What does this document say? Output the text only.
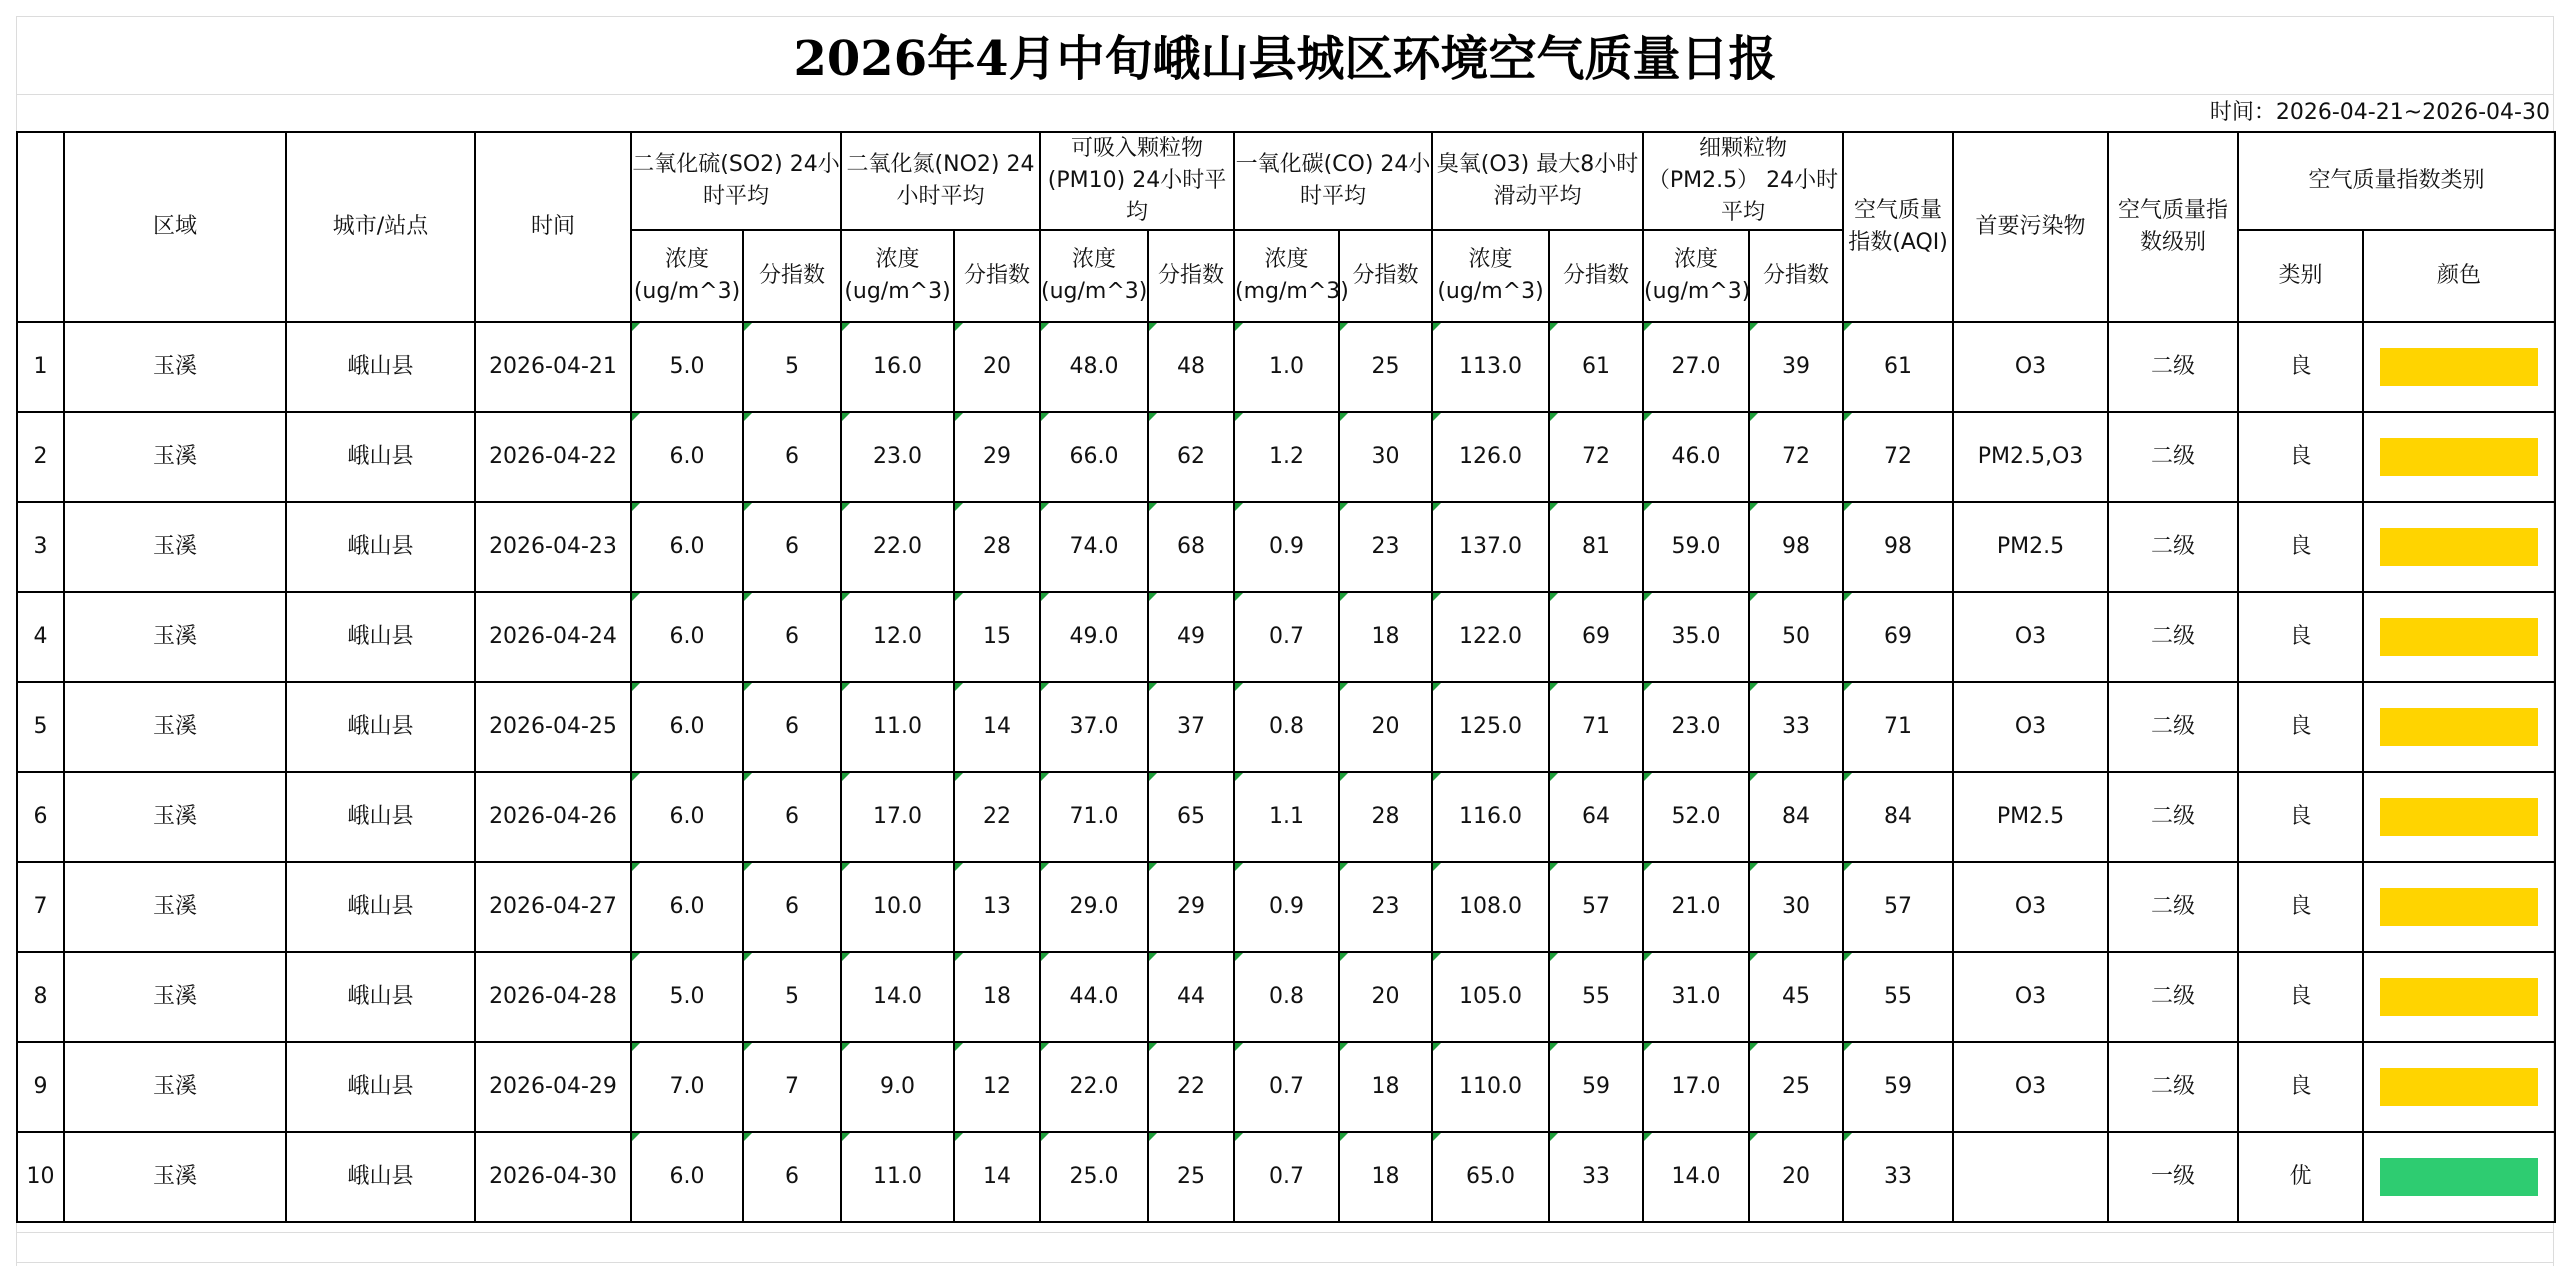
2026年4月中旬峨山县城区环境空气质量日报
时间：2026-04-21~2026-04-30
	区域	城市/站点	时间	二氧化硫(SO2) 24小时平均		二氧化氮(NO2) 24小时平均		可吸入颗粒物(PM10) 24小时平均		一氧化碳(CO) 24小时平均		臭氧(O3) 最大8小时滑动平均		细颗粒物（PM2.5） 24小时平均		空气质量指数(AQI)	首要污染物	空气质量指数级别	空气质量指数类别	
				浓度(ug/m^3)	分指数	浓度(ug/m^3)	分指数	浓度(ug/m^3)	分指数	浓度(mg/m^3)	分指数	浓度(ug/m^3)	分指数	浓度(ug/m^3)	分指数				类别	颜色
1	玉溪	峨山县	2026-04-21	5.0	5	16.0	20	48.0	48	1.0	25	113.0	61	27.0	39	61	O3	二级	良	
2	玉溪	峨山县	2026-04-22	6.0	6	23.0	29	66.0	62	1.2	30	126.0	72	46.0	72	72	PM2.5,O3	二级	良	
3	玉溪	峨山县	2026-04-23	6.0	6	22.0	28	74.0	68	0.9	23	137.0	81	59.0	98	98	PM2.5	二级	良	
4	玉溪	峨山县	2026-04-24	6.0	6	12.0	15	49.0	49	0.7	18	122.0	69	35.0	50	69	O3	二级	良	
5	玉溪	峨山县	2026-04-25	6.0	6	11.0	14	37.0	37	0.8	20	125.0	71	23.0	33	71	O3	二级	良	
6	玉溪	峨山县	2026-04-26	6.0	6	17.0	22	71.0	65	1.1	28	116.0	64	52.0	84	84	PM2.5	二级	良	
7	玉溪	峨山县	2026-04-27	6.0	6	10.0	13	29.0	29	0.9	23	108.0	57	21.0	30	57	O3	二级	良	
8	玉溪	峨山县	2026-04-28	5.0	5	14.0	18	44.0	44	0.8	20	105.0	55	31.0	45	55	O3	二级	良	
9	玉溪	峨山县	2026-04-29	7.0	7	9.0	12	22.0	22	0.7	18	110.0	59	17.0	25	59	O3	二级	良	
10	玉溪	峨山县	2026-04-30	6.0	6	11.0	14	25.0	25	0.7	18	65.0	33	14.0	20	33		一级	优	
